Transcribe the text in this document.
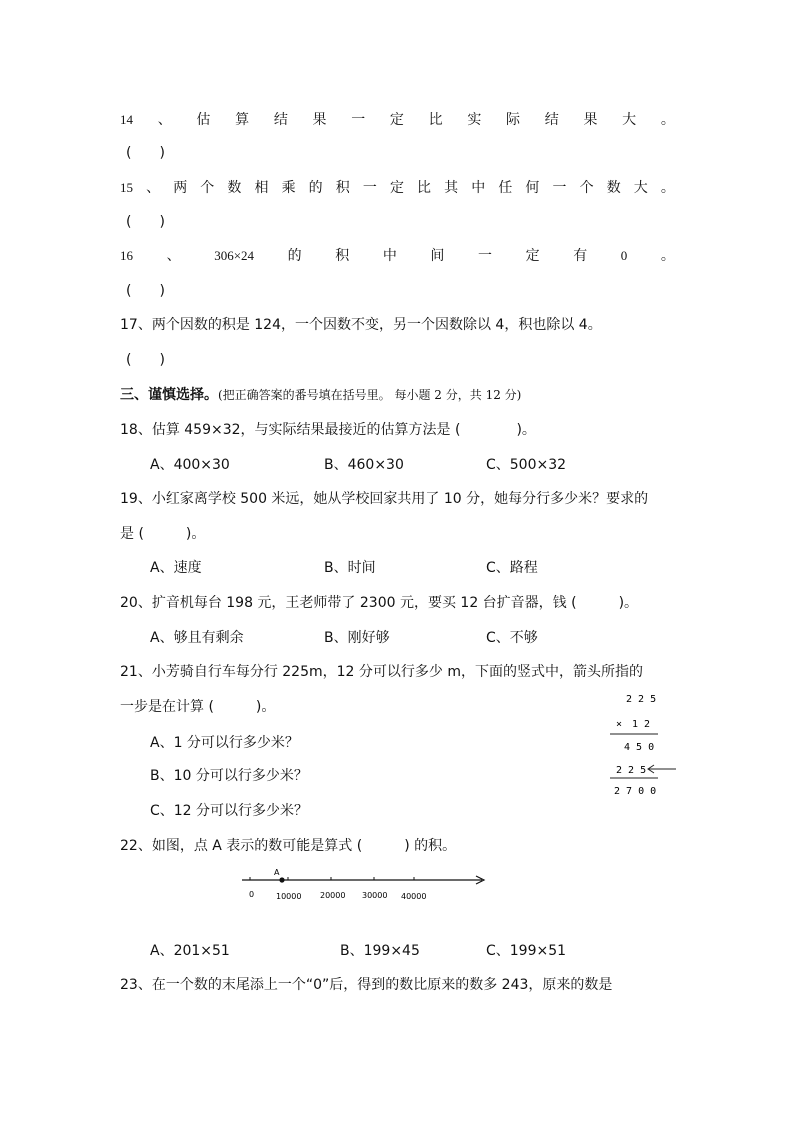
14 、 估 算 结 果 一 定 比 实 际 结 果 大 。
(　　)
15 、 两 个 数 相 乘 的 积 一 定 比 其 中 任 何 一 个 数 大 。
(　　)
16 、	306×24 的 积 中 间 一 定 有	0 。
(　　)
17、两个因数的积是 124，一个因数不变，另一个因数除以 4，积也除以 4。
(　　)
三、谨慎选择。(把正确答案的番号填在括号里。 每小题 2 分，共 12 分)
18、估算 459×32，与实际结果最接近的估算方法是 (　　　　)。
A、400×30	B、460×30	C、500×32
19、小红家离学校 500 米远，她从学校回家共用了 10 分，她每分行多少米？要求的
是 (　　　)。
A、速度	B、时间	C、路程
20、扩音机每台 198 元，王老师带了 2300 元，要买 12 台扩音器，钱 (　　　)。
A、够且有剩余	B、刚好够	C、不够
21、小芳骑自行车每分行 225m，12 分可以行多少 m，下面的竖式中，箭头所指的
一步是在计算 (　　　)。
A、1 分可以行多少米？
B、10 分可以行多少米？
C、12 分可以行多少米？
2 2 5
×　1 2
4 5 0
2 2 5
2 7 0 0
22、如图，点 A 表示的数可能是算式 (　　　) 的积。
A
0	10000 20000 30000 40000
A、201×51	B、199×45	C、199×51
23、在一个数的末尾添上一个“0”后，得到的数比原来的数多 243，原来的数是
